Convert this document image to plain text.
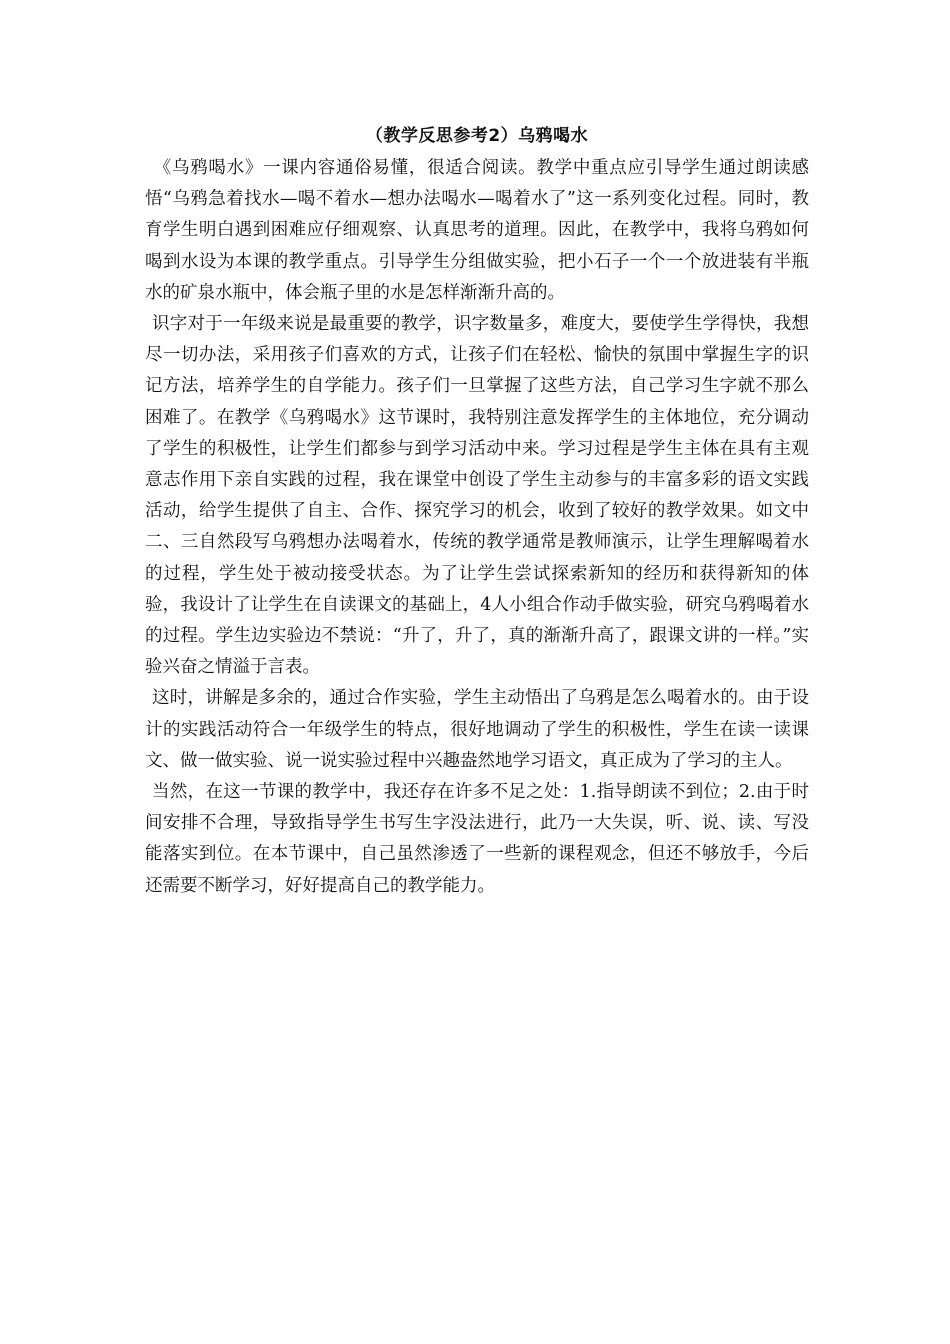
（教学反思参考2）乌鸦喝水

《乌鸦喝水》一课内容通俗易懂，很适合阅读。教学中重点应引导学生通过朗读感悟“乌鸦急着找水—喝不着水—想办法喝水—喝着水了”这一系列变化过程。同时，教育学生明白遇到困难应仔细观察、认真思考的道理。因此，在教学中，我将乌鸦如何喝到水设为本课的教学重点。引导学生分组做实验，把小石子一个一个放进装有半瓶水的矿泉水瓶中，体会瓶子里的水是怎样渐渐升高的。

识字对于一年级来说是最重要的教学，识字数量多，难度大，要使学生学得快，我想尽一切办法，采用孩子们喜欢的方式，让孩子们在轻松、愉快的氛围中掌握生字的识记方法，培养学生的自学能力。孩子们一旦掌握了这些方法，自己学习生字就不那么困难了。在教学《乌鸦喝水》这节课时，我特别注意发挥学生的主体地位，充分调动了学生的积极性，让学生们都参与到学习活动中来。学习过程是学生主体在具有主观意志作用下亲自实践的过程，我在课堂中创设了学生主动参与的丰富多彩的语文实践活动，给学生提供了自主、合作、探究学习的机会，收到了较好的教学效果。如文中二、三自然段写乌鸦想办法喝着水，传统的教学通常是教师演示，让学生理解喝着水的过程，学生处于被动接受状态。为了让学生尝试探索新知的经历和获得新知的体验，我设计了让学生在自读课文的基础上，4人小组合作动手做实验，研究乌鸦喝着水的过程。学生边实验边不禁说：“升了，升了，真的渐渐升高了，跟课文讲的一样。”实验兴奋之情溢于言表。

这时，讲解是多余的，通过合作实验，学生主动悟出了乌鸦是怎么喝着水的。由于设计的实践活动符合一年级学生的特点，很好地调动了学生的积极性，学生在读一读课文、做一做实验、说一说实验过程中兴趣盎然地学习语文，真正成为了学习的主人。

当然，在这一节课的教学中，我还存在许多不足之处：1.指导朗读不到位；2.由于时间安排不合理，导致指导学生书写生字没法进行，此乃一大失误，听、说、读、写没能落实到位。在本节课中，自己虽然渗透了一些新的课程观念，但还不够放手，今后还需要不断学习，好好提高自己的教学能力。
